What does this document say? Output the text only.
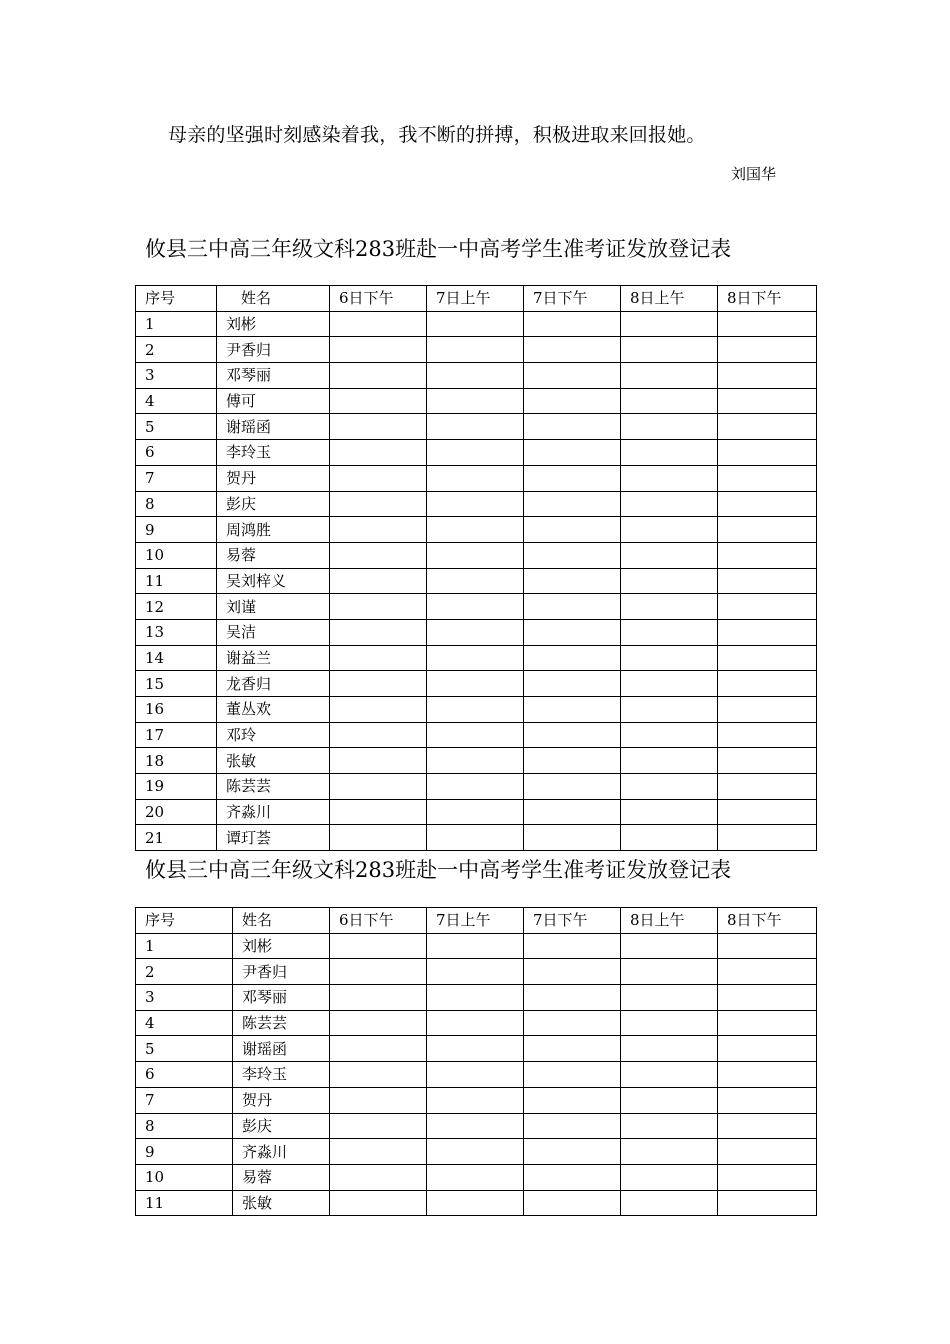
母亲的坚强时刻感染着我，我不断的拼搏，积极进取来回报她。
刘国华
攸县三中高三年级文科283班赴一中高考学生准考证发放登记表
序号	姓名	6日下午	7日上午	7日下午	8日上午	8日下午
1	刘彬					
2	尹香归					
3	邓琴丽					
4	傅可					
5	谢瑶函					
6	李玲玉					
7	贺丹					
8	彭庆					
9	周鸿胜					
10	易蓉					
11	吴刘梓义					
12	刘谨					
13	吴洁					
14	谢益兰					
15	龙香归					
16	董丛欢					
17	邓玲					
18	张敏					
19	陈芸芸					
20	齐淼川					
21	谭玎荟					
攸县三中高三年级文科283班赴一中高考学生准考证发放登记表
序号	姓名	6日下午	7日上午	7日下午	8日上午	8日下午
1	刘彬					
2	尹香归					
3	邓琴丽					
4	陈芸芸					
5	谢瑶函					
6	李玲玉					
7	贺丹					
8	彭庆					
9	齐淼川					
10	易蓉					
11	张敏					
